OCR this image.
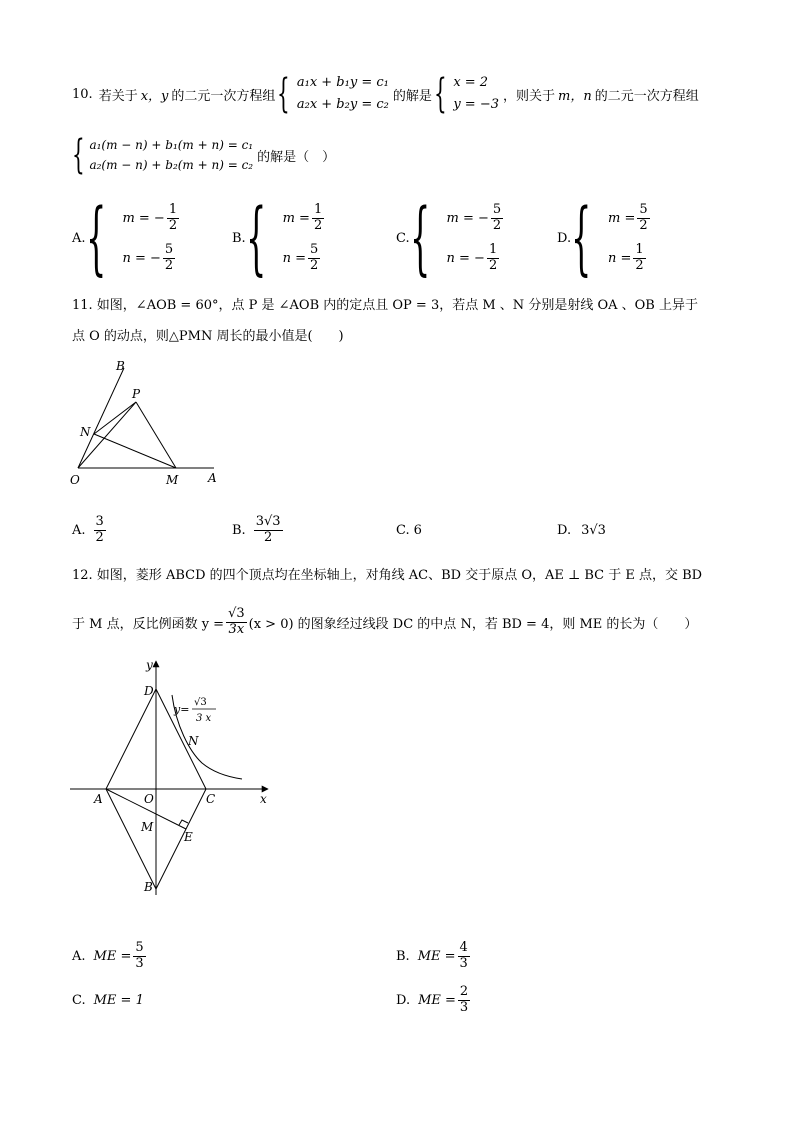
10. 若关于 x，y 的二元一次方程组 { a₁x + b₁y = c₁
a₂x + b₂y = c₂
的解是 { x = 2
y = −3
，则关于 m，n 的二元一次方程组
{ a₁(m − n) + b₁(m + n) = c₁
a₂(m − n) + b₂(m + n) = c₂
的解是（　）
A. { m = − $\frac{1}{2}$
n = − $\frac{5}{2}$
B. { $m = \frac{1}{2}$
$n = \frac{5}{2}$
C. { m = − $\frac{5}{2}$
n = − $\frac{1}{2}$
D. { $m = \frac{5}{2}$
$n = \frac{1}{2}$
11. 如图，∠AOB = 60°，点 P 是 ∠AOB 内的定点且 OP = 3，若点 M 、N 分别是射线 OA 、OB 上异于
点 O 的动点，则△PMN 周长的最小值是(　　)
B
P
N
O	M A
A. $\frac{3}{2}$	B. $\frac{3√3}{2}$	C. 6	D. 3√3
12. 如图，菱形 ABCD 的四个顶点均在坐标轴上，对角线 AC、BD 交于原点 O，AE ⊥ BC 于 E 点，交 BD
于 M 点，反比例函数 $y = \frac{√3}{3x} (x > 0)$ 的图象经过线段 DC 的中点 N，若 BD = 4，则 ME 的长为（　　）
y
D
y=
√3
3 x
N
A	O	C	x
M
E
B
A. ME = $\frac{5}{3}$	B. ME = $\frac{4}{3}$
C. ME = 1	D. ME = $\frac{2}{3}$
